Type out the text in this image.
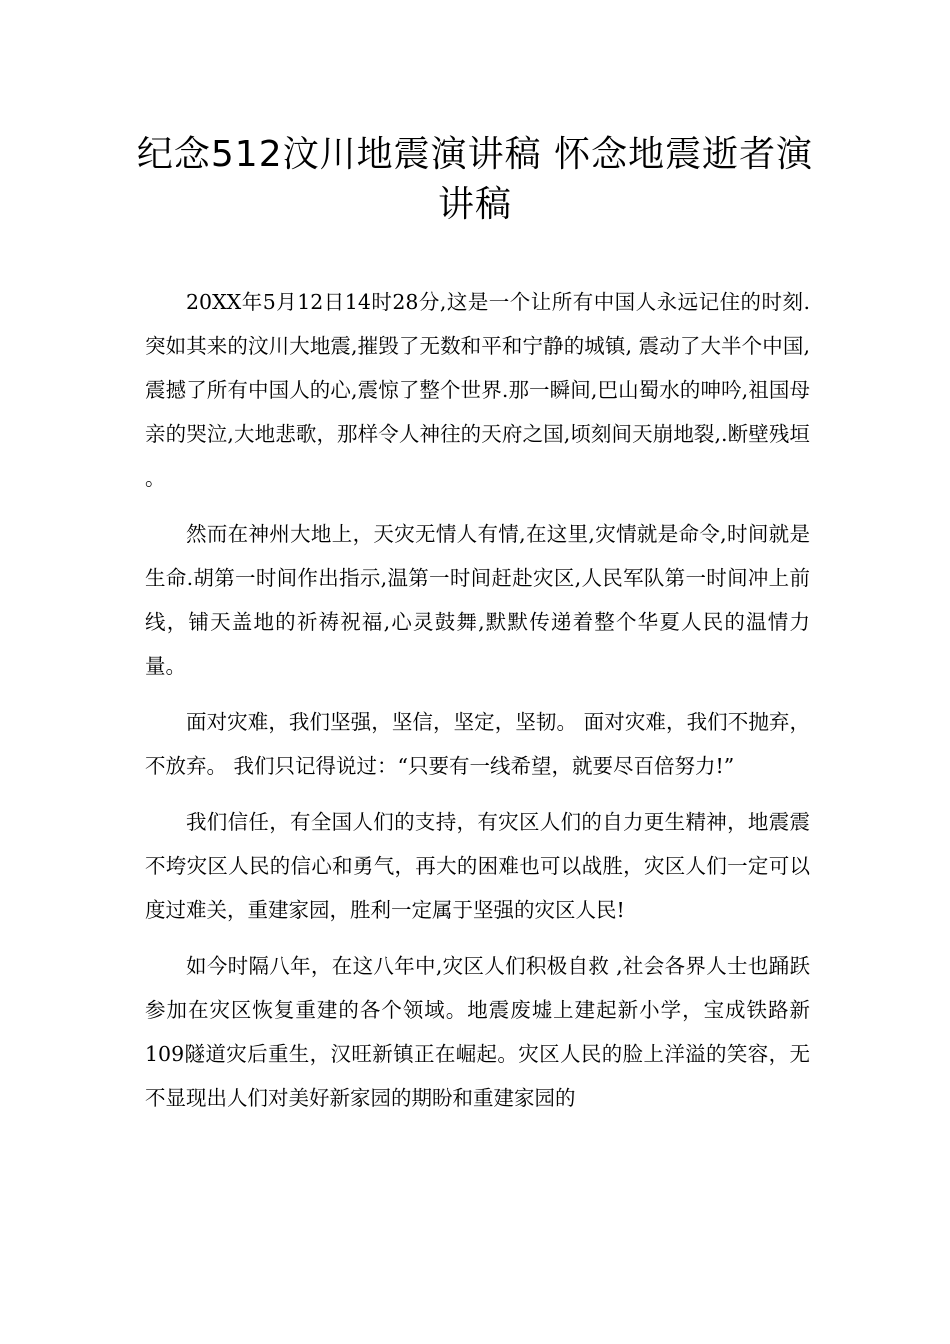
纪念512汶川地震演讲稿 怀念地震逝者演讲稿

20XX年5月12日14时28分,这是一个让所有中国人永远记住的时刻. 突如其来的汶川大地震,摧毁了无数和平和宁静的城镇, 震动了大半个中国, 震撼了所有中国人的心,震惊了整个世界.那一瞬间,巴山蜀水的呻吟,祖国母亲的哭泣,大地悲歌，那样令人神往的天府之国,顷刻间天崩地裂,.断壁残垣 。

然而在神州大地上，天灾无情人有情,在这里,灾情就是命令,时间就是生命.胡第一时间作出指示,温第一时间赶赴灾区,人民军队第一时间冲上前线，铺天盖地的祈祷祝福,心灵鼓舞,默默传递着整个华夏人民的温情力量。

面对灾难，我们坚强，坚信，坚定，坚韧。 面对灾难，我们不抛弃，不放弃。 我们只记得说过：“只要有一线希望，就要尽百倍努力!”

我们信任，有全国人们的支持，有灾区人们的自力更生精神，地震震不垮灾区人民的信心和勇气，再大的困难也可以战胜，灾区人们一定可以度过难关，重建家园，胜利一定属于坚强的灾区人民!

如今时隔八年，在这八年中,灾区人们积极自救 ,社会各界人士也踊跃参加在灾区恢复重建的各个领域。地震废墟上建起新小学，宝成铁路新109隧道灾后重生，汉旺新镇正在崛起。灾区人民的脸上洋溢的笑容，无不显现出人们对美好新家园的期盼和重建家园的
